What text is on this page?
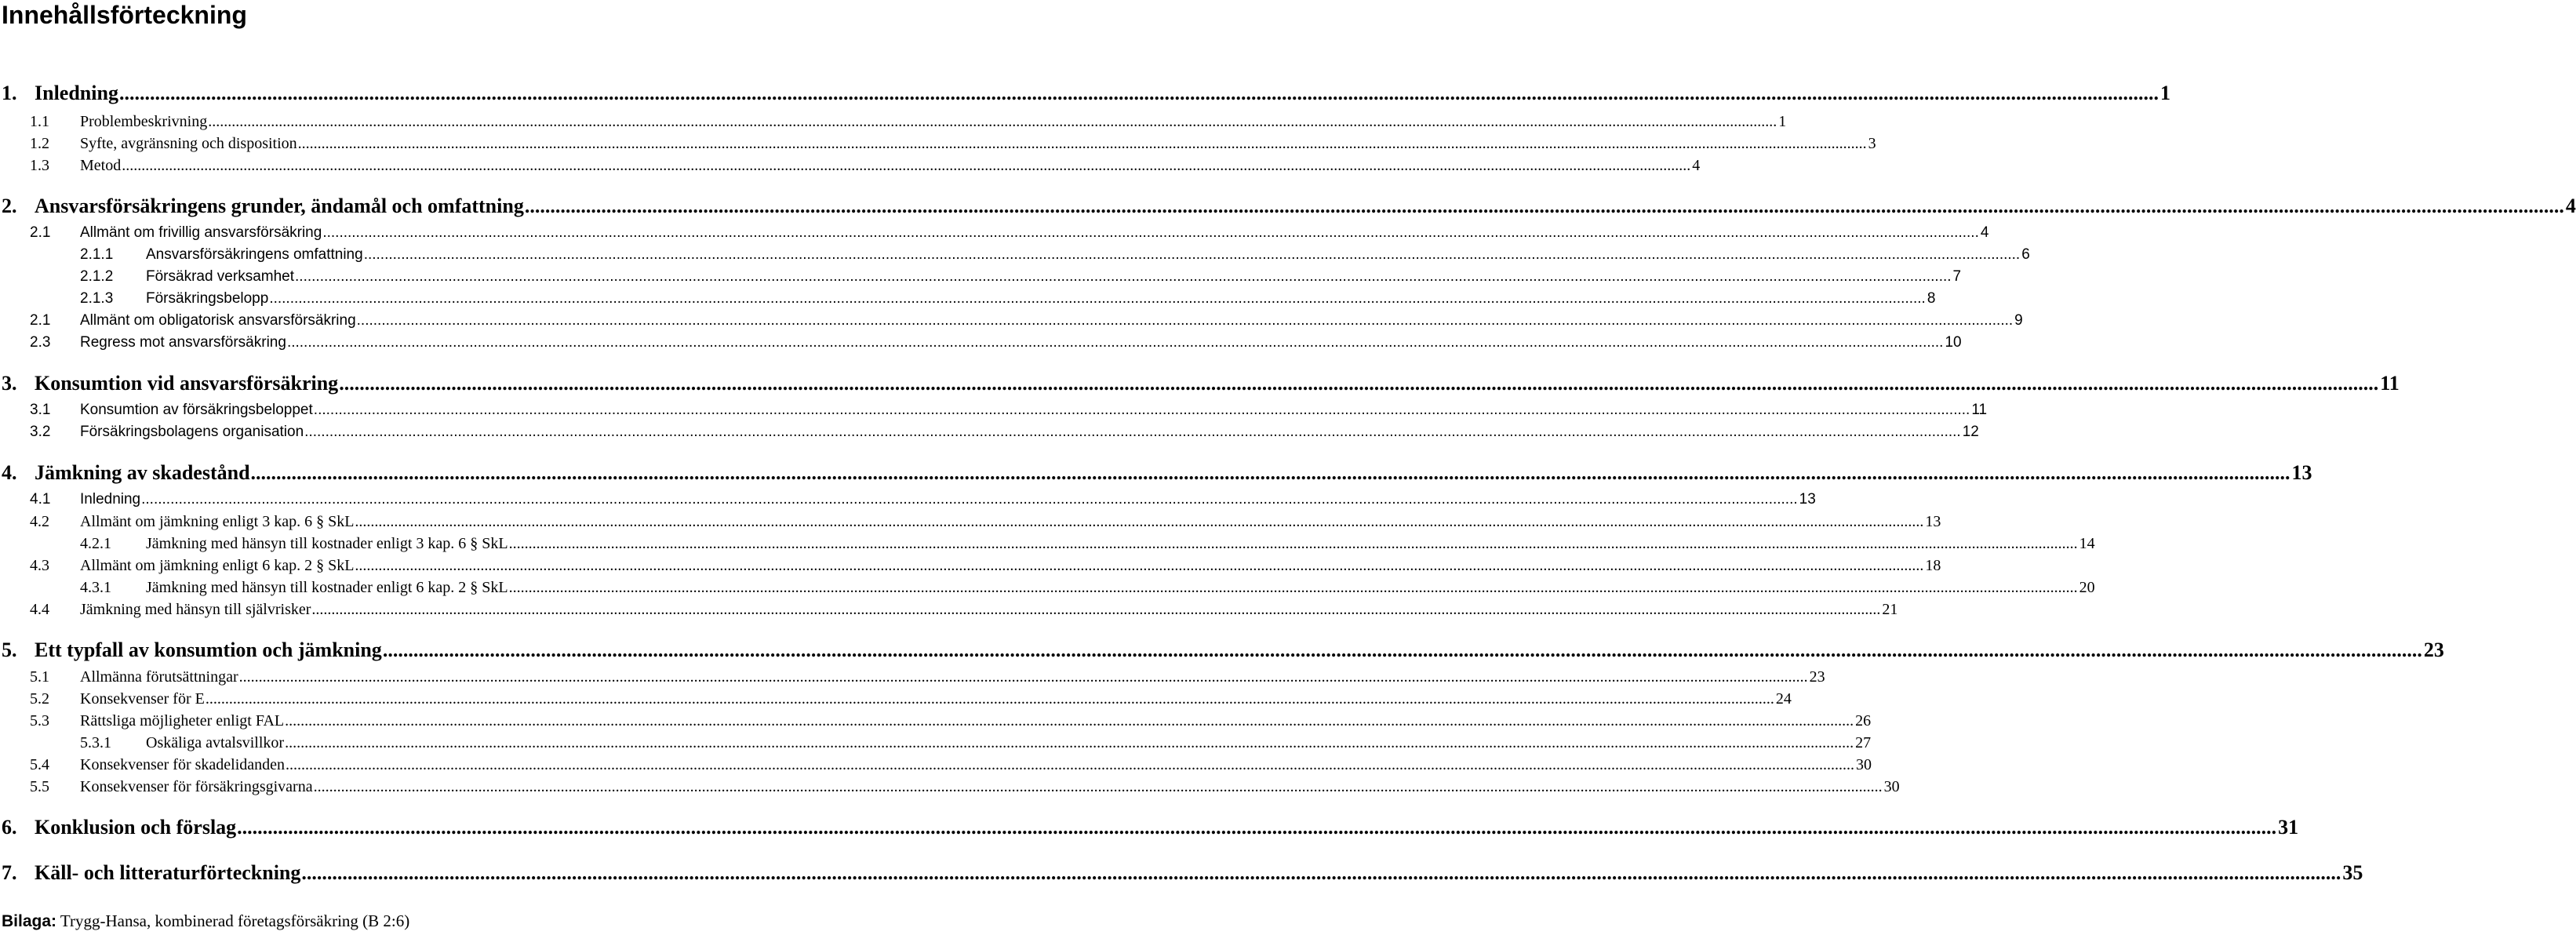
Innehållsförteckning
1. Inledning ................................................................................................................................................................................................................................................................................................................................................................................................................ 1
1.1 Problembeskrivning ................................................................................................................................................................................................................................................................................................................................................................................................................ 1
1.2 Syfte, avgränsning och disposition ................................................................................................................................................................................................................................................................................................................................................................................................................ 3
1.3 Metod ................................................................................................................................................................................................................................................................................................................................................................................................................ 4
2. Ansvarsförsäkringens grunder, ändamål och omfattning ................................................................................................................................................................................................................................................................................................................................................................................................................ 4
2.1 Allmänt om frivillig ansvarsförsäkring ................................................................................................................................................................................................................................................................................................................................................................................................................ 4
2.1.1 Ansvarsförsäkringens omfattning ................................................................................................................................................................................................................................................................................................................................................................................................................ 6
2.1.2 Försäkrad verksamhet ................................................................................................................................................................................................................................................................................................................................................................................................................ 7
2.1.3 Försäkringsbelopp ................................................................................................................................................................................................................................................................................................................................................................................................................ 8
2.1 Allmänt om obligatorisk ansvarsförsäkring ................................................................................................................................................................................................................................................................................................................................................................................................................ 9
2.3 Regress mot ansvarsförsäkring ................................................................................................................................................................................................................................................................................................................................................................................................................ 10
3. Konsumtion vid ansvarsförsäkring ................................................................................................................................................................................................................................................................................................................................................................................................................ 11
3.1 Konsumtion av försäkringsbeloppet ................................................................................................................................................................................................................................................................................................................................................................................................................ 11
3.2 Försäkringsbolagens organisation ................................................................................................................................................................................................................................................................................................................................................................................................................ 12
4. Jämkning av skadestånd ................................................................................................................................................................................................................................................................................................................................................................................................................ 13
4.1 Inledning ................................................................................................................................................................................................................................................................................................................................................................................................................ 13
4.2 Allmänt om jämkning enligt 3 kap. 6 § SkL ................................................................................................................................................................................................................................................................................................................................................................................................................ 13
4.2.1 Jämkning med hänsyn till kostnader enligt 3 kap. 6 § SkL ................................................................................................................................................................................................................................................................................................................................................................................................................ 14
4.3 Allmänt om jämkning enligt 6 kap. 2 § SkL ................................................................................................................................................................................................................................................................................................................................................................................................................ 18
4.3.1 Jämkning med hänsyn till kostnader enligt 6 kap. 2 § SkL ................................................................................................................................................................................................................................................................................................................................................................................................................ 20
4.4 Jämkning med hänsyn till självrisker ................................................................................................................................................................................................................................................................................................................................................................................................................ 21
5. Ett typfall av konsumtion och jämkning ................................................................................................................................................................................................................................................................................................................................................................................................................ 23
5.1 Allmänna förutsättningar ................................................................................................................................................................................................................................................................................................................................................................................................................ 23
5.2 Konsekvenser för E ................................................................................................................................................................................................................................................................................................................................................................................................................ 24
5.3 Rättsliga möjligheter enligt FAL ................................................................................................................................................................................................................................................................................................................................................................................................................ 26
5.3.1 Oskäliga avtalsvillkor ................................................................................................................................................................................................................................................................................................................................................................................................................ 27
5.4 Konsekvenser för skadelidanden ................................................................................................................................................................................................................................................................................................................................................................................................................ 30
5.5 Konsekvenser för försäkringsgivarna ................................................................................................................................................................................................................................................................................................................................................................................................................ 30
6. Konklusion och förslag ................................................................................................................................................................................................................................................................................................................................................................................................................ 31
7. Käll- och litteraturförteckning ................................................................................................................................................................................................................................................................................................................................................................................................................ 35
Bilaga: Trygg-Hansa, kombinerad företagsförsäkring (B 2:6)
